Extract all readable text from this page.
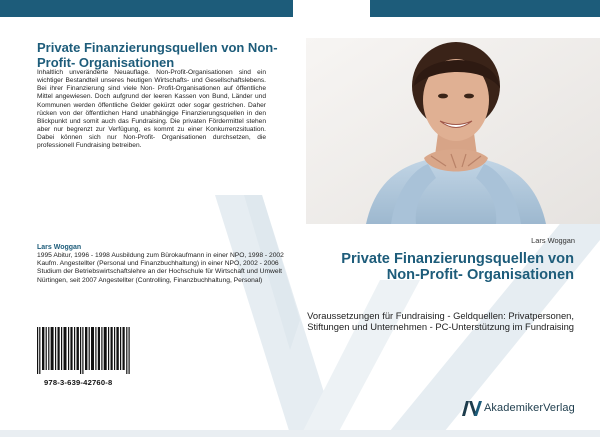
Private Finanzierungsquellen von Non-Profit- Organisationen
Inhaltlich unveränderte Neuauflage. Non-Profit-Organisationen sind ein wichtiger Bestandteil unseres heutigen Wirtschafts- und Gesellschaftslebens. Bei ihrer Finanzierung sind viele Non- Profit-Organisationen auf öffentliche Mittel angewiesen. Doch aufgrund der leeren Kassen von Bund, Länder und Kommunen werden öffentliche Gelder gekürzt oder sogar gestrichen. Daher rücken von der öffentlichen Hand unabhängige Finanzierungsquellen in den Blickpunkt und somit auch das Fundraising. Die privaten Fördermittel stehen aber nur begrenzt zur Verfügung, es kommt zu einer Konkurrenzsituation. Dabei können sich nur Non-Profit- Organisationen durchsetzen, die professionell Fundraising betreiben.
Lars Woggan
1995 Abitur, 1996 - 1998 Ausbildung zum Bürokaufmann in einer NPO, 1998 - 2002 Kaufm. Angestellter (Personal und Finanzbuchhaltung) in einer NPO, 2002 - 2006 Studium der Betriebswirtschaftslehre an der Hochschule für Wirtschaft und Umwelt Nürtingen, seit 2007 Angestellter (Controlling, Finanzbuchhaltung, Personal)
978-3-639-42760-8
Lars Woggan
Private Finanzierungsquellen von Non-Profit- Organisationen
Voraussetzungen für Fundraising - Geldquellen: Privatpersonen, Stiftungen und Unternehmen - PC-Unterstützung im Fundraising
AkademikerVerlag
